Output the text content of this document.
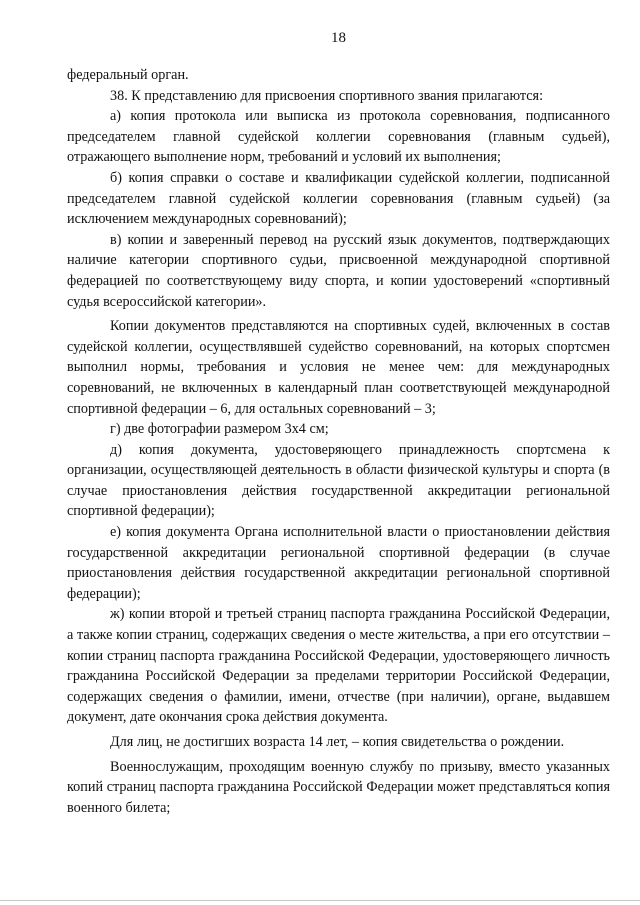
18

федеральный орган.

38. К представлению для присвоения спортивного звания прилагаются:

а) копия протокола или выписка из протокола соревнования, подписанного председателем главной судейской коллегии соревнования (главным судьей), отражающего выполнение норм, требований и условий их выполнения;

б) копия справки о составе и квалификации судейской коллегии, подписанной председателем главной судейской коллегии соревнования (главным судьей) (за исключением международных соревнований);

в) копии и заверенный перевод на русский язык документов, подтверждающих наличие категории спортивного судьи, присвоенной международной спортивной федерацией по соответствующему виду спорта, и копии удостоверений «спортивный судья всероссийской категории».

Копии документов представляются на спортивных судей, включенных в состав судейской коллегии, осуществлявшей судейство соревнований, на которых спортсмен выполнил нормы, требования и условия не менее чем: для международных соревнований, не включенных в календарный план соответствующей международной спортивной федерации – 6, для остальных соревнований – 3;

г) две фотографии размером 3х4 см;

д) копия документа, удостоверяющего принадлежность спортсмена к организации, осуществляющей деятельность в области физической культуры и спорта (в случае приостановления действия государственной аккредитации региональной спортивной федерации);

е) копия документа Органа исполнительной власти о приостановлении действия государственной аккредитации региональной спортивной федерации (в случае приостановления действия государственной аккредитации региональной спортивной федерации);

ж) копии второй и третьей страниц паспорта гражданина Российской Федерации, а также копии страниц, содержащих сведения о месте жительства, а при его отсутствии – копии страниц паспорта гражданина Российской Федерации, удостоверяющего личность гражданина Российской Федерации за пределами территории Российской Федерации, содержащих сведения о фамилии, имени, отчестве (при наличии), органе, выдавшем документ, дате окончания срока действия документа.

Для лиц, не достигших возраста 14 лет, – копия свидетельства о рождении.

Военнослужащим, проходящим военную службу по призыву, вместо указанных копий страниц паспорта гражданина Российской Федерации может представляться копия военного билета;
